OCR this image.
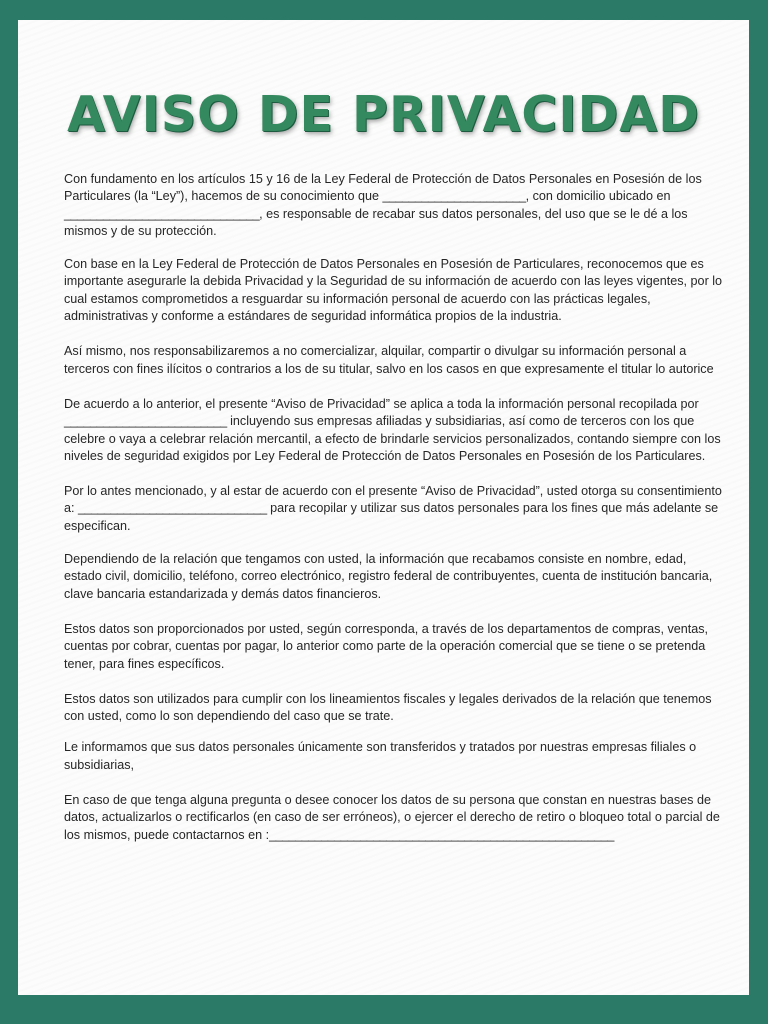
AVISO DE PRIVACIDAD

Con fundamento en los artículos 15 y 16 de la Ley Federal de Protección de Datos Personales en Posesión de los Particulares (la “Ley”), hacemos de su conocimiento que ______________________, con domicilio ubicado en ______________________________, es responsable de recabar sus datos personales, del uso que se le dé a los mismos y de su protección.

Con base en la Ley Federal de Protección de Datos Personales en Posesión de Particulares, reconocemos que es importante asegurarle la debida Privacidad y la Seguridad de su información de acuerdo con las leyes vigentes, por lo cual estamos comprometidos a resguardar su información personal de acuerdo con las prácticas legales, administrativas y conforme a estándares de seguridad informática propios de la industria.

Así mismo, nos responsabilizaremos a no comercializar, alquilar, compartir o divulgar su información personal a terceros con fines ilícitos o contrarios a los de su titular, salvo en los casos en que expresamente el titular lo autorice

De acuerdo a lo anterior, el presente “Aviso de Privacidad” se aplica a toda la información personal recopilada por _________________________ incluyendo sus empresas afiliadas y subsidiarias, así como de terceros con los que celebre o vaya a celebrar relación mercantil, a efecto de brindarle servicios personalizados, contando siempre con los niveles de seguridad exigidos por Ley Federal de Protección de Datos Personales en Posesión de los Particulares.

Por lo antes mencionado, y al estar de acuerdo con el presente “Aviso de Privacidad”, usted otorga su consentimiento a: _____________________________ para recopilar y utilizar sus datos personales para los fines que más adelante se especifican.

Dependiendo de la relación que tengamos con usted, la información que recabamos consiste en nombre, edad, estado civil, domicilio, teléfono, correo electrónico, registro federal de contribuyentes, cuenta de institución bancaria, clave bancaria estandarizada y demás datos financieros.

Estos datos son proporcionados por usted, según corresponda, a través de los departamentos de compras, ventas, cuentas por cobrar, cuentas por pagar, lo anterior como parte de la operación comercial que se tiene o se pretenda tener, para fines específicos.

Estos datos son utilizados para cumplir con los lineamientos fiscales y legales derivados de la relación que tenemos con usted, como lo son dependiendo del caso que se trate.

Le informamos que sus datos personales únicamente son transferidos y tratados por nuestras empresas filiales o subsidiarias,

En caso de que tenga alguna pregunta o desee conocer los datos de su persona que constan en nuestras bases de datos, actualizarlos o rectificarlos (en caso de ser erróneos), o ejercer el derecho de retiro o bloqueo total o parcial de los mismos, puede contactarnos en :_____________________________________________________
